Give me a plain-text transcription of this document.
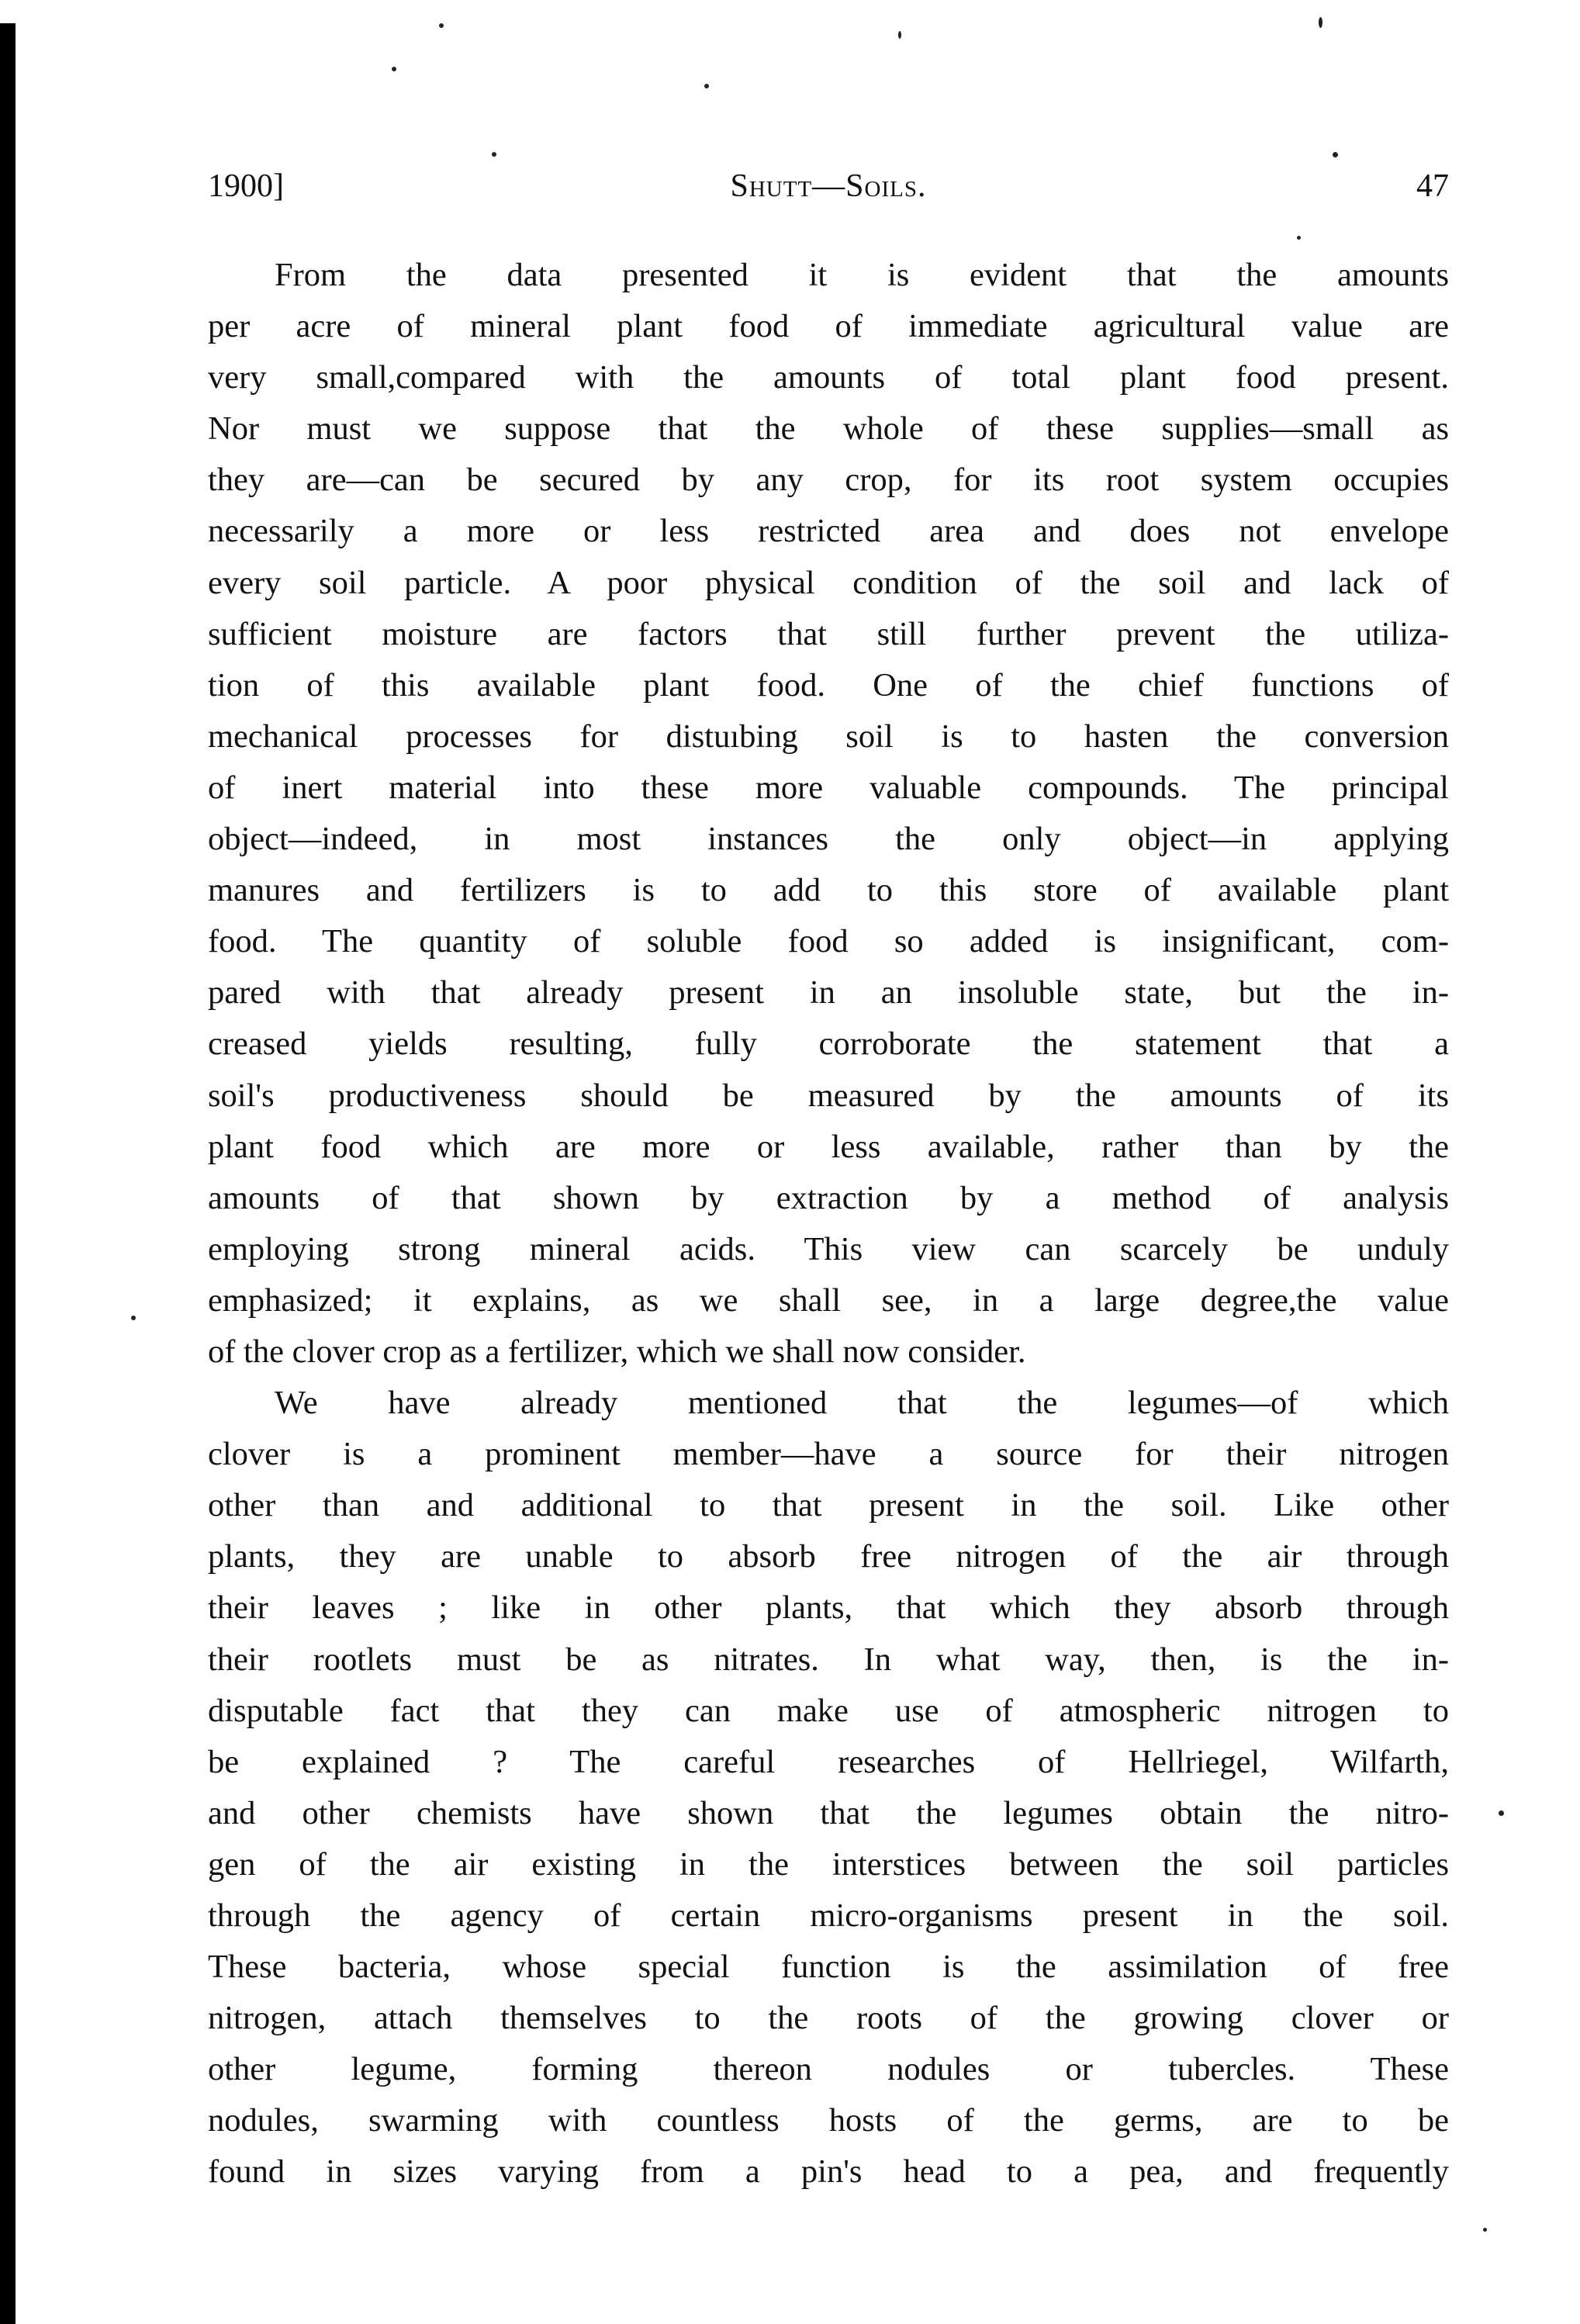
1900]	Shutt—Soils.	47
From the data presented it is evident that the amounts
per acre of mineral plant food of immediate agricultural value are
very small,compared with the amounts of total plant food present.
Nor must we suppose that the whole of these supplies—small as
they are—can be secured by any crop, for its root system occupies
necessarily a more or less restricted area and does not envelope
every soil particle. A poor physical condition of the soil and lack of
sufficient moisture are factors that still further prevent the utiliza-
tion of this available plant food. One of the chief functions of
mechanical processes for distuıbing soil is to hasten the conversion
of inert material into these more valuable compounds. The principal
object—indeed, in most instances the only object—in applying
manures and fertilizers is to add to this store of available plant
food. The quantity of soluble food so added is insignificant, com-
pared with that already present in an insoluble state, but the in-
creased yields resulting, fully corroborate the statement that a
soil's productiveness should be measured by the amounts of its
plant food which are more or less available, rather than by the
amounts of that shown by extraction by a method of analysis
employing strong mineral acids. This view can scarcely be unduly
emphasized; it explains, as we shall see, in a large degree,the value
of the clover crop as a fertilizer, which we shall now consider.
We have already mentioned that the legumes—of which
clover is a prominent member—have a source for their nitrogen
other than and additional to that present in the soil. Like other
plants, they are unable to absorb free nitrogen of the air through
their leaves ; like in other plants, that which they absorb through
their rootlets must be as nitrates. In what way, then, is the in-
disputable fact that they can make use of atmospheric nitrogen to
be explained ? The careful researches of Hellriegel, Wilfarth,
and other chemists have shown that the legumes obtain the nitro-
gen of the air existing in the interstices between the soil particles
through the agency of certain micro-organisms present in the soil.
These bacteria, whose special function is the assimilation of free
nitrogen, attach themselves to the roots of the growing clover or
other legume, forming thereon nodules or tubercles. These
nodules, swarming with countless hosts of the germs, are to be
found in sizes varying from a pin's head to a pea, and frequently
